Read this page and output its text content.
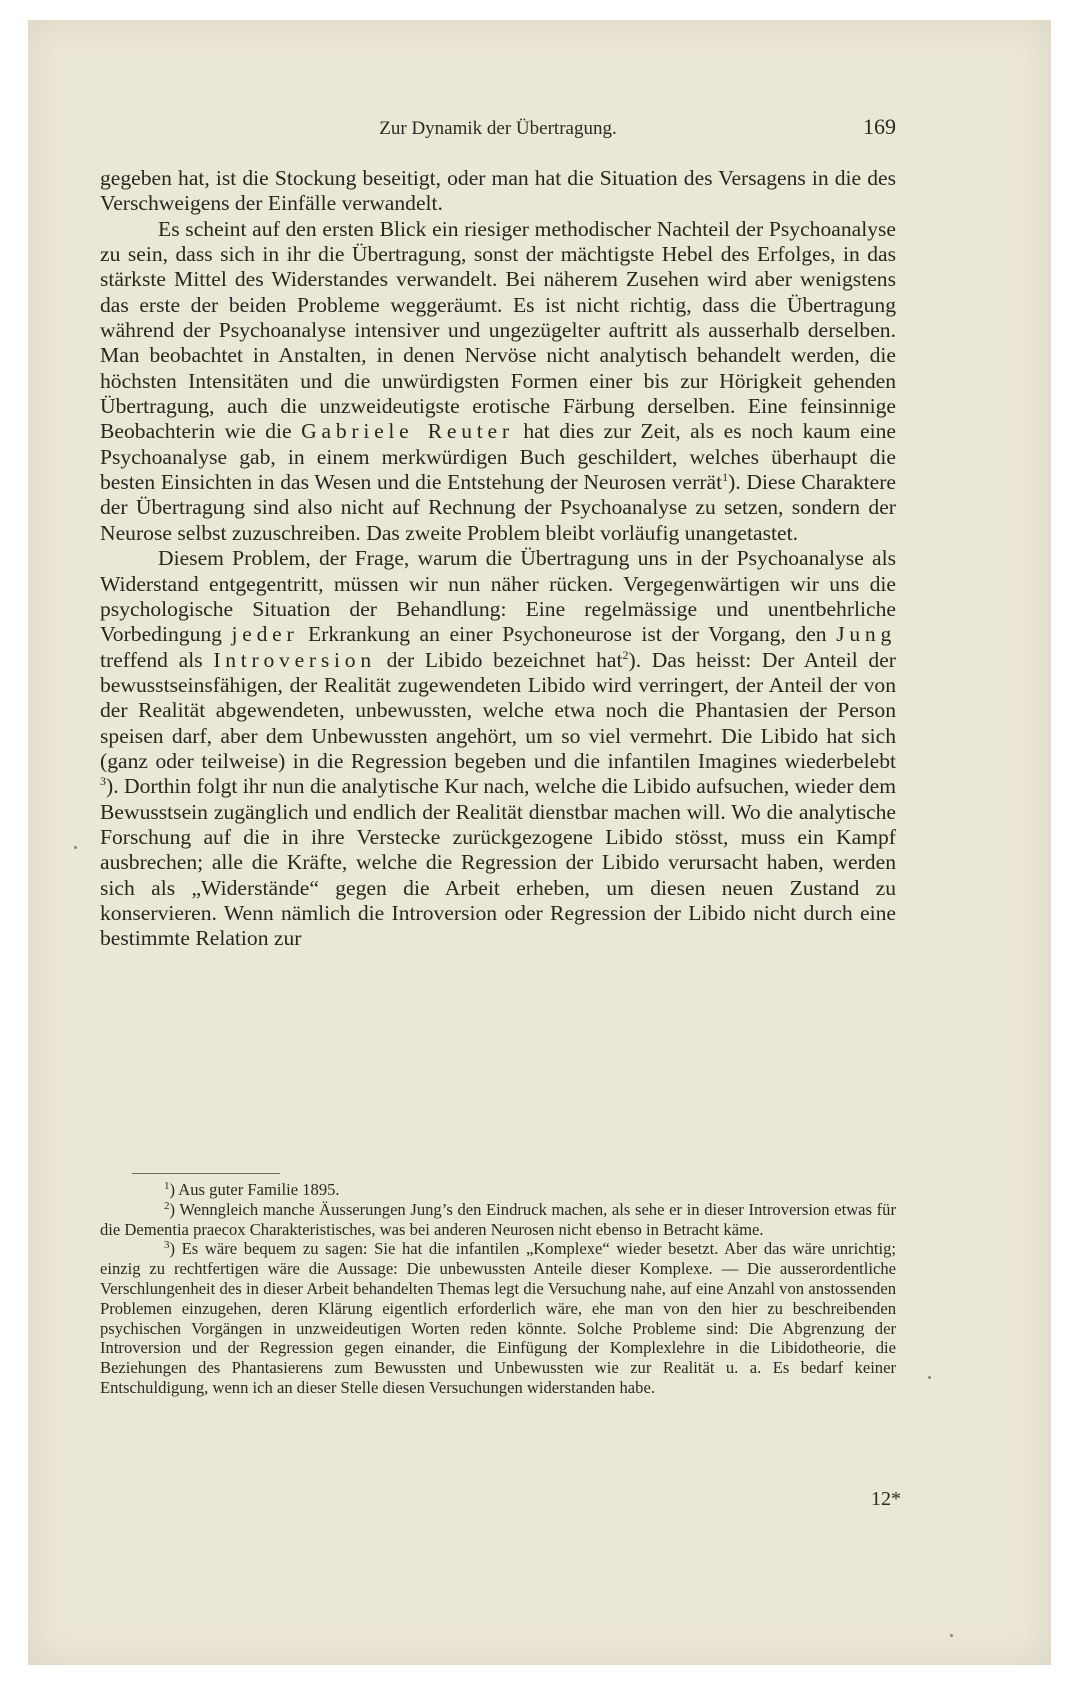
Zur Dynamik der Übertragung.	169

gegeben hat, ist die Stockung beseitigt, oder man hat die Situation des Versagens in die des Verschweigens der Einfälle verwandelt.

Es scheint auf den ersten Blick ein riesiger methodischer Nachteil der Psychoanalyse zu sein, dass sich in ihr die Übertragung, sonst der mächtigste Hebel des Erfolges, in das stärkste Mittel des Widerstandes verwandelt. Bei näherem Zusehen wird aber wenigstens das erste der beiden Probleme weggeräumt. Es ist nicht richtig, dass die Übertragung während der Psychoanalyse intensiver und ungezügelter auftritt als ausserhalb derselben. Man beobachtet in Anstalten, in denen Nervöse nicht analytisch behandelt werden, die höchsten Intensitäten und die unwürdigsten Formen einer bis zur Hörigkeit gehenden Übertragung, auch die unzweideutigste erotische Färbung derselben. Eine feinsinnige Beobachterin wie die Gabriele Reuter hat dies zur Zeit, als es noch kaum eine Psychoanalyse gab, in einem merkwürdigen Buch geschildert, welches überhaupt die besten Einsichten in das Wesen und die Entstehung der Neurosen verrät$^1$). Diese Charaktere der Übertragung sind also nicht auf Rechnung der Psychoanalyse zu setzen, sondern der Neurose selbst zuzuschreiben. Das zweite Problem bleibt vorläufig unangetastet.

Diesem Problem, der Frage, warum die Übertragung uns in der Psychoanalyse als Widerstand entgegentritt, müssen wir nun näher rücken. Vergegenwärtigen wir uns die psychologische Situation der Behandlung: Eine regelmässige und unentbehrliche Vorbedingung jeder Erkrankung an einer Psychoneurose ist der Vorgang, den Jung treffend als Introversion der Libido bezeichnet hat$^2$). Das heisst: Der Anteil der bewusstseinsfähigen, der Realität zugewendeten Libido wird verringert, der Anteil der von der Realität abgewendeten, unbewussten, welche etwa noch die Phantasien der Person speisen darf, aber dem Unbewussten angehört, um so viel vermehrt. Die Libido hat sich (ganz oder teilweise) in die Regression begeben und die infantilen Imagines wiederbelebt $^3$). Dorthin folgt ihr nun die analytische Kur nach, welche die Libido aufsuchen, wieder dem Bewusstsein zugänglich und endlich der Realität dienstbar machen will. Wo die analytische Forschung auf die in ihre Verstecke zurückgezogene Libido stösst, muss ein Kampf ausbrechen; alle die Kräfte, welche die Regression der Libido verursacht haben, werden sich als „Widerstände“ gegen die Arbeit erheben, um diesen neuen Zustand zu konservieren. Wenn nämlich die Introversion oder Regression der Libido nicht durch eine bestimmte Relation zur

$^1$) Aus guter Familie 1895.

$^2$) Wenngleich manche Äusserungen Jung’s den Eindruck machen, als sehe er in dieser Introversion etwas für die Dementia praecox Charakteristisches, was bei anderen Neurosen nicht ebenso in Betracht käme.

$^3$) Es wäre bequem zu sagen: Sie hat die infantilen „Komplexe“ wieder besetzt. Aber das wäre unrichtig; einzig zu rechtfertigen wäre die Aussage: Die unbewussten Anteile dieser Komplexe. — Die ausserordentliche Verschlungenheit des in dieser Arbeit behandelten Themas legt die Versuchung nahe, auf eine Anzahl von anstossenden Problemen einzugehen, deren Klärung eigentlich erforderlich wäre, ehe man von den hier zu beschreibenden psychischen Vorgängen in unzweideutigen Worten reden könnte. Solche Probleme sind: Die Abgrenzung der Introversion und der Regression gegen einander, die Einfügung der Komplexlehre in die Libidotheorie, die Beziehungen des Phantasierens zum Bewussten und Unbewussten wie zur Realität u. a. Es bedarf keiner Entschuldigung, wenn ich an dieser Stelle diesen Versuchungen widerstanden habe.

12*
